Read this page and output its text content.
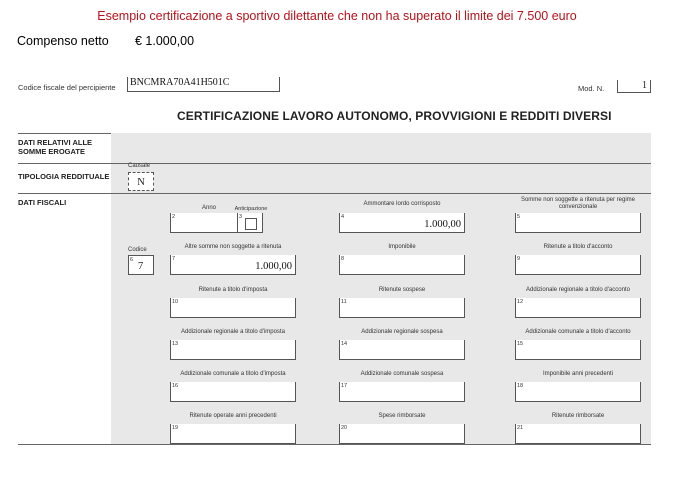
Esempio certificazione a sportivo dilettante che non ha superato il limite dei 7.500 euro
Compenso netto € 1.000,00
Codice fiscale del percipiente	BNCMRA70A41H501C
Mod. N.	1
CERTIFICAZIONE LAVORO AUTONOMO, PROVVIGIONI E REDDITI DIVERSI
DATI RELATIVI ALLE SOMME EROGATE
TIPOLOGIA REDDITUALE
DATI FISCALI
Causale
N
Anno
2
Anticipazione
3
Codice
6
7
Ammontare lordo corrisposto
4
1.000,00
Somme non soggette a ritenuta per regime convenzionale
5
Altre somme non soggette a ritenuta
7
1.000,00
Imponibile
8
Ritenute a titolo d'acconto
9
Ritenute a titolo d'imposta
10
Ritenute sospese
11
Addizionale regionale a titolo d'acconto
12
Addizionale regionale a titolo d'imposta
13
Addizionale regionale sospesa
14
Addizionale comunale a titolo d'acconto
15
Addizionale comunale a titolo d'imposta
16
Addizionale comunale sospesa
17
Imponibile anni precedenti
18
Ritenute operate anni precedenti
19
Spese rimborsate
20
Ritenute rimborsate
21
